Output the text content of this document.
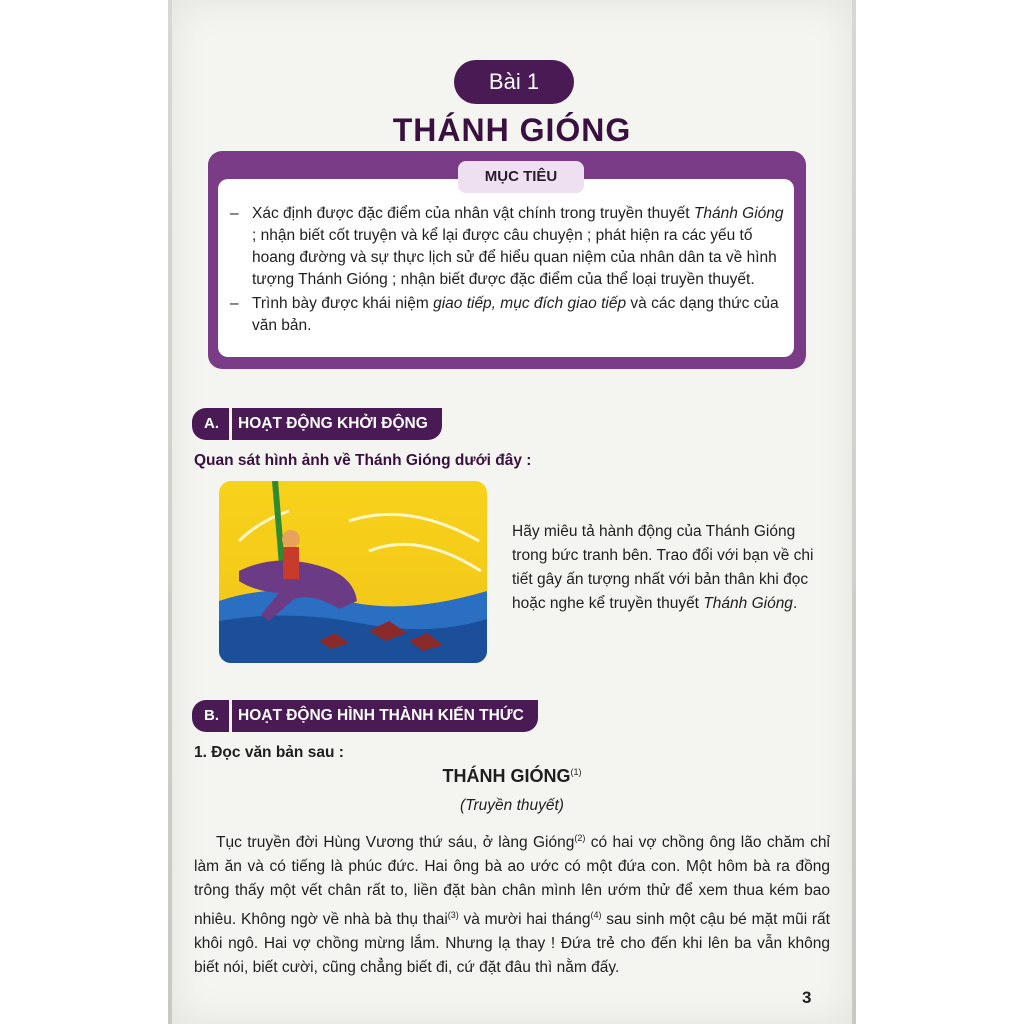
Bài 1
THÁNH GIÓNG
MỤC TIÊU
– Xác định được đặc điểm của nhân vật chính trong truyền thuyết Thánh Gióng ; nhận biết cốt truyện và kể lại được câu chuyện ; phát hiện ra các yếu tố hoang đường và sự thực lịch sử để hiểu quan niệm của nhân dân ta về hình tượng Thánh Gióng ; nhận biết được đặc điểm của thể loại truyền thuyết.
– Trình bày được khái niệm giao tiếp, mục đích giao tiếp và các dạng thức của văn bản.
A.	HOẠT ĐỘNG KHỞI ĐỘNG
Quan sát hình ảnh về Thánh Gióng dưới đây :
Hãy miêu tả hành động của Thánh Gióng trong bức tranh bên. Trao đổi với bạn về chi tiết gây ấn tượng nhất với bản thân khi đọc hoặc nghe kể truyền thuyết Thánh Gióng.
B.	HOẠT ĐỘNG HÌNH THÀNH KIẾN THỨC
1. Đọc văn bản sau :
THÁNH GIÓNG$^{(1)}$
(Truyền thuyết)
Tục truyền đời Hùng Vương thứ sáu, ở làng Gióng$^{(2)}$ có hai vợ chồng ông lão chăm chỉ làm ăn và có tiếng là phúc đức. Hai ông bà ao ước có một đứa con. Một hôm bà ra đồng trông thấy một vết chân rất to, liền đặt bàn chân mình lên ướm thử để xem thua kém bao nhiêu. Không ngờ về nhà bà thụ thai$^{(3)}$ và mười hai tháng$^{(4)}$ sau sinh một cậu bé mặt mũi rất khôi ngô. Hai vợ chồng mừng lắm. Nhưng lạ thay ! Đứa trẻ cho đến khi lên ba vẫn không biết nói, biết cười, cũng chẳng biết đi, cứ đặt đâu thì nằm đấy.
3
